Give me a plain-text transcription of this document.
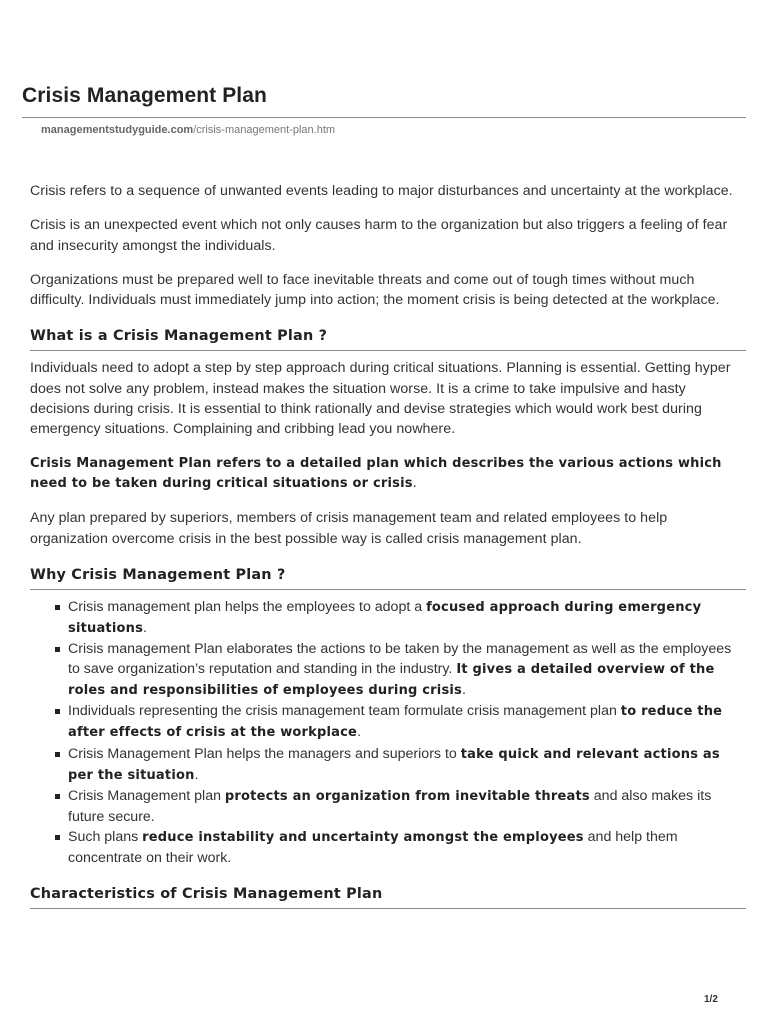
Crisis Management Plan
managementstudyguide.com/crisis-management-plan.htm

Crisis refers to a sequence of unwanted events leading to major disturbances and uncertainty at the workplace.

Crisis is an unexpected event which not only causes harm to the organization but also triggers a feeling of fear and insecurity amongst the individuals.

Organizations must be prepared well to face inevitable threats and come out of tough times without much difficulty. Individuals must immediately jump into action; the moment crisis is being detected at the workplace.

What is a Crisis Management Plan ?

Individuals need to adopt a step by step approach during critical situations. Planning is essential. Getting hyper does not solve any problem, instead makes the situation worse. It is a crime to take impulsive and hasty decisions during crisis. It is essential to think rationally and devise strategies which would work best during emergency situations. Complaining and cribbing lead you nowhere.

Crisis Management Plan refers to a detailed plan which describes the various actions which need to be taken during critical situations or crisis.

Any plan prepared by superiors, members of crisis management team and related employees to help organization overcome crisis in the best possible way is called crisis management plan.

Why Crisis Management Plan ?
Crisis management plan helps the employees to adopt a focused approach during emergency situations.
Crisis management Plan elaborates the actions to be taken by the management as well as the employees to save organization’s reputation and standing in the industry. It gives a detailed overview of the roles and responsibilities of employees during crisis.
Individuals representing the crisis management team formulate crisis management plan to reduce the after effects of crisis at the workplace.
Crisis Management Plan helps the managers and superiors to take quick and relevant actions as per the situation.
Crisis Management plan protects an organization from inevitable threats and also makes its future secure.
Such plans reduce instability and uncertainty amongst the employees and help them concentrate on their work.
Characteristics of Crisis Management Plan
1/2
